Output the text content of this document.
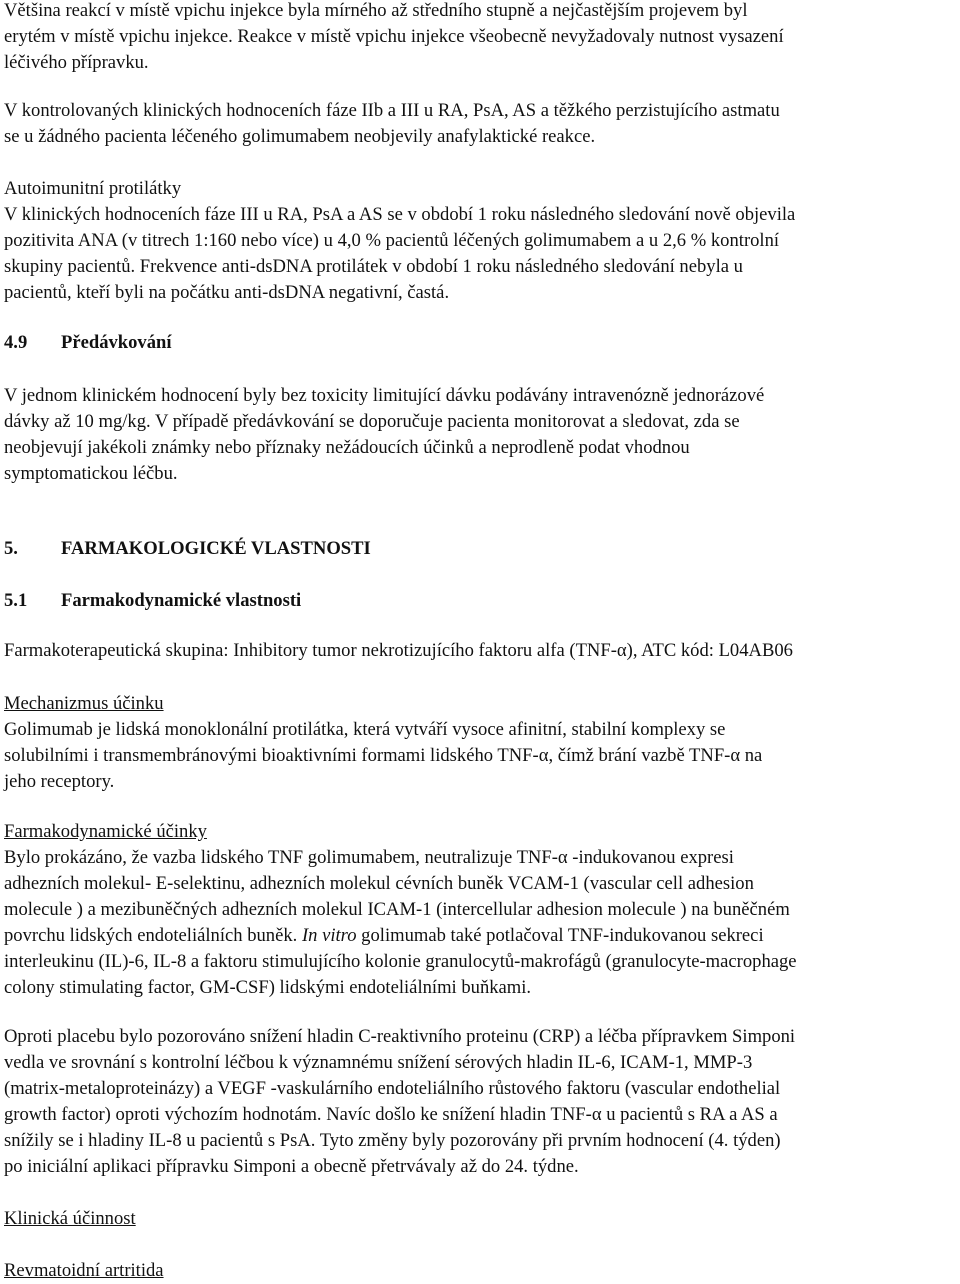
Většina reakcí v místě vpichu injekce byla mírného až středního stupně a nejčastějším projevem byl
erytém v místě vpichu injekce. Reakce v místě vpichu injekce všeobecně nevyžadovaly nutnost vysazení
léčivého přípravku.

V kontrolovaných klinických hodnoceních fáze IIb a III u RA, PsA, AS a těžkého perzistujícího astmatu
se u žádného pacienta léčeného golimumabem neobjevily anafylaktické reakce.

Autoimunitní protilátky
V klinických hodnoceních fáze III u RA, PsA a AS se v období 1 roku následného sledování nově objevila
pozitivita ANA (v titrech 1:160 nebo více) u 4,0 % pacientů léčených golimumabem a u 2,6 % kontrolní
skupiny pacientů. Frekvence anti-dsDNA protilátek v období 1 roku následného sledování nebyla u
pacientů, kteří byli na počátku anti-dsDNA negativní, častá.

4.9 Předávkování

V jednom klinickém hodnocení byly bez toxicity limitující dávku podávány intravenózně jednorázové
dávky až 10 mg/kg. V případě předávkování se doporučuje pacienta monitorovat a sledovat, zda se
neobjevují jakékoli známky nebo příznaky nežádoucích účinků a neprodleně podat vhodnou
symptomatickou léčbu.

5. FARMAKOLOGICKÉ VLASTNOSTI
5.1 Farmakodynamické vlastnosti

Farmakoterapeutická skupina: Inhibitory tumor nekrotizujícího faktoru alfa (TNF-α), ATC kód: L04AB06

Mechanizmus účinku
Golimumab je lidská monoklonální protilátka, která vytváří vysoce afinitní, stabilní komplexy se
solubilními i transmembránovými bioaktivními formami lidského TNF-α, čímž brání vazbě TNF-α na
jeho receptory.

Farmakodynamické účinky
Bylo prokázáno, že vazba lidského TNF golimumabem, neutralizuje TNF-α -indukovanou expresi
adhezních molekul- E-selektinu, adhezních molekul cévních buněk VCAM-1 (vascular cell adhesion
molecule ) a mezibuněčných adhezních molekul ICAM-1 (intercellular adhesion molecule ) na buněčném
povrchu lidských endoteliálních buněk. In vitro golimumab také potlačoval TNF-indukovanou sekreci
interleukinu (IL)-6, IL-8 a faktoru stimulujícího kolonie granulocytů-makrofágů (granulocyte-macrophage
colony stimulating factor, GM-CSF) lidskými endoteliálními buňkami.

Oproti placebu bylo pozorováno snížení hladin C-reaktivního proteinu (CRP) a léčba přípravkem Simponi
vedla ve srovnání s kontrolní léčbou k významnému snížení sérových hladin IL-6, ICAM-1, MMP-3
(matrix-metaloproteinázy) a VEGF -vaskulárního endoteliálního růstového faktoru (vascular endothelial
growth factor) oproti výchozím hodnotám. Navíc došlo ke snížení hladin TNF-α u pacientů s RA a AS a
snížily se i hladiny IL-8 u pacientů s PsA. Tyto změny byly pozorovány při prvním hodnocení (4. týden)
po iniciální aplikaci přípravku Simponi a obecně přetrvávaly až do 24. týdne.

Klinická účinnost

Revmatoidní artritida
